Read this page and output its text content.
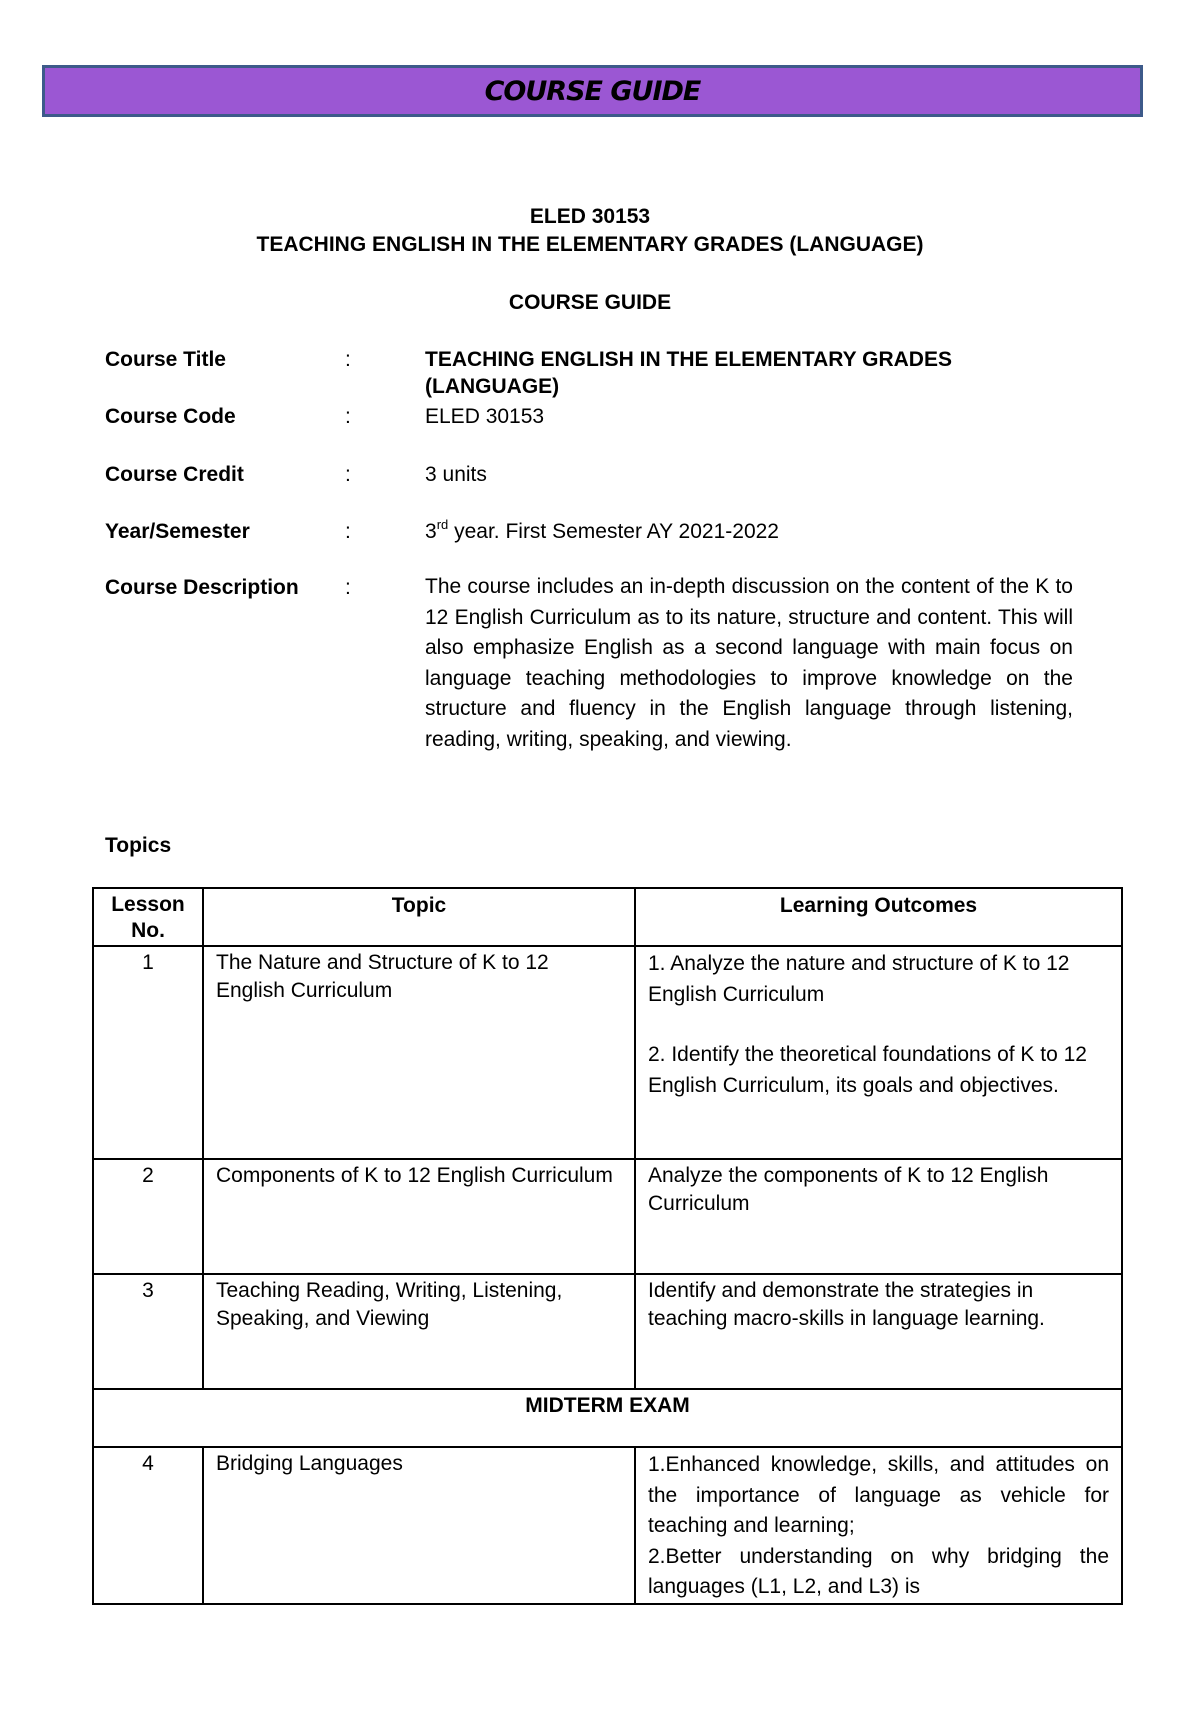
COURSE GUIDE
ELED 30153
TEACHING ENGLISH IN THE ELEMENTARY GRADES (LANGUAGE)
COURSE GUIDE
Course Title	:	TEACHING ENGLISH IN THE ELEMENTARY GRADES (LANGUAGE)
Course Code	:	ELED 30153
Course Credit	:	3 units
Year/Semester	:	3rd year. First Semester AY 2021-2022
Course Description :	The course includes an in-depth discussion on the content of the K to 12 English Curriculum as to its nature, structure and content. This will also emphasize English as a second language with main focus on language teaching methodologies to improve knowledge on the structure and fluency in the English language through listening, reading, writing, speaking, and viewing.
Topics
Lesson No.	Topic	Learning Outcomes
1	The Nature and Structure of K to 12 English Curriculum	1. Analyze the nature and structure of K to 12 English Curriculum
2. Identify the theoretical foundations of K to 12 English Curriculum, its goals and objectives.

2	Components of K to 12 English Curriculum	Analyze the components of K to 12 English Curriculum
3	Teaching Reading, Writing, Listening, Speaking, and Viewing	Identify and demonstrate the strategies in teaching macro-skills in language learning.
MIDTERM EXAM		
4	Bridging Languages	1.Enhanced knowledge, skills, and attitudes on the importance of language as vehicle for teaching and learning;
2.Better understanding on why bridging the languages (L1, L2, and L3) is
